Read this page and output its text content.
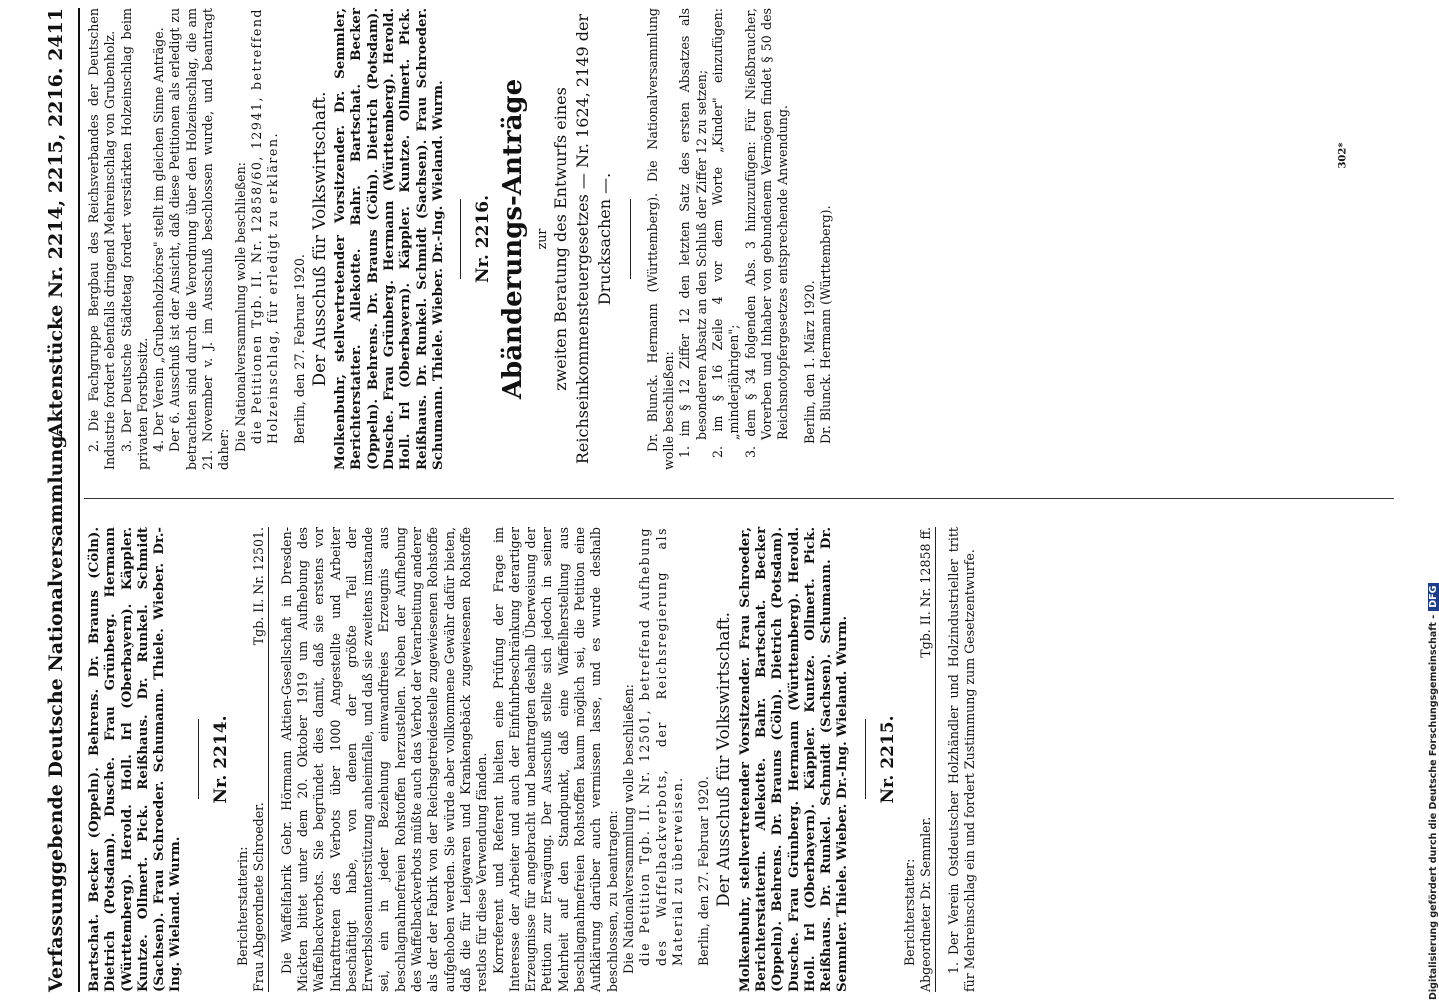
Verfassunggebende Deutsche Nationalversammlung.
Aktenstücke Nr. 2214, 2215, 2216. 2411

Bartschat. Becker (Oppeln). Behrens. Dr. Brauns (Cöln). Dietrich (Potsdam). Dusche. Frau Grünberg. Hermann (Württemberg). Herold. Holl. Irl (Oberbayern). Käppler. Kuntze. Ollmert. Pick. Reißhaus. Dr. Runkel. Schmidt (Sachsen). Frau Schroeder. Schumann. Thiele. Wieber. Dr.-Ing. Wieland. Wurm.

Nr. 2214.
Berichterstatterin: Frau Abgeordnete Schroeder.
Tgb. II. Nr. 12501. Die Waffelfabrik Gebr. Hörmann Aktien-Gesellschaft in Dresden-Mickten bittet unter dem 20. Oktober 1919 um Aufhebung des Waffelbackverbots. Sie begründet dies damit, daß sie erstens vor Inkrafttreten des Verbots über 1000 Angestellte und Arbeiter beschäftigt habe, von denen der größte Teil der Erwerbslosenunterstützung anheimfalle, und daß sie zweitens imstande sei, ein in jeder Beziehung einwandfreies Erzeugnis aus beschlagnahmefreien Rohstoffen herzustellen. Neben der Aufhebung des Waffelbackverbots müßte auch das Verbot der Verarbeitung anderer als der der Fabrik von der Reichsgetreidestelle zugewiesenen Rohstoffe aufgehoben werden. Sie würde aber vollkommene Gewähr dafür bieten, daß die für Leigwaren und Krankengebäck zugewiesenen Rohstoffe restlos für diese Verwendung fänden. Korreferent und Referent hielten eine Prüfung der Frage im Interesse der Arbeiter und auch der Einfuhrbeschränkung derartiger Erzeugnisse für angebracht und beantragten deshalb Überweisung der Petition zur Erwägung. Der Ausschuß stellte sich jedoch in seiner Mehrheit auf den Standpunkt, daß eine Waffelherstellung aus beschlagnahmefreien Rohstoffen kaum möglich sei, die Petition eine Aufklärung darüber auch vermissen lasse, und es wurde deshalb beschlossen, zu beantragen: Die Nationalversammlung wolle beschließen: die Petition Tgb. II. Nr. 12501, betreffend Aufhebung des Waffelbackverbots, der Reichsregierung als Material zu überweisen. Berlin, den 27. Februar 1920. Der Ausschuß für Volkswirtschaft. Molkenbuhr, stellvertretender Vorsitzender. Frau Schroeder, Berichterstatterin. Allekotte. Bahr. Bartschat. Becker (Oppeln). Behrens. Dr. Brauns (Cöln). Dietrich (Potsdam). Dusche. Frau Grünberg. Hermann (Württemberg). Herold. Holl. Irl (Oberbayern). Käppler. Kuntze. Ollmert. Pick. Reißhaus. Dr. Runkel. Schmidt (Sachsen). Schumann. Dr. Semmler. Thiele. Wieber. Dr.-Ing. Wieland. Wurm. Nr. 2215.
Berichterstatter: Abgeordneter Dr. Semmler.
Tgb. II. Nr. 12858 ff. 1. Der Verein Ostdeutscher Holzhändler und Holzindustrieller tritt für Mehreinschlag ein und fordert Zustimmung zum Gesetzentwurfe.

2. Die Fachgruppe Bergbau des Reichsverbandes der Deutschen Industrie fordert ebenfalls dringend Mehreinschlag von Grubenholz. 3. Der Deutsche Städtetag fordert verstärkten Holzeinschlag beim privaten Forstbesitz. 4. Der Verein „Grubenholzbörse" stellt im gleichen Sinne Anträge. Der 6. Ausschuß ist der Ansicht, daß diese Petitionen als erledigt zu betrachten sind durch die Verordnung über den Holzeinschlag, die am 21. November v. J. im Ausschuß beschlossen wurde, und beantragt daher: Die Nationalversammlung wolle beschließen: die Petitionen Tgb. II. Nr. 12858/60, 12941, betreffend Holzeinschlag, für erledigt zu erklären. Berlin, den 27. Februar 1920. Der Ausschuß für Volkswirtschaft. Molkenbuhr, stellvertretender Vorsitzender. Dr. Semmler, Berichterstatter. Allekotte. Bahr. Bartschat. Becker (Oppeln). Behrens. Dr. Brauns (Cöln). Dietrich (Potsdam). Dusche. Frau Grünberg. Hermann (Württemberg). Herold. Holl. Irl (Oberbayern). Käppler. Kuntze. Ollmert. Pick. Reißhaus. Dr. Runkel. Schmidt (Sachsen). Frau Schroeder. Schumann. Thiele. Wieber. Dr.-Ing. Wieland. Wurm. Nr. 2216. Abänderungs-Anträge zur zweiten Beratung des Entwurfs eines Reichseinkommensteuergesetzes — Nr. 1624, 2149 der Drucksachen —. Dr. Blunck. Hermann (Württemberg). Die Nationalversammlung wolle beschließen: 1. im § 12 Ziffer 12 den letzten Satz des ersten Absatzes als besonderen Absatz an den Schluß der Ziffer 12 zu setzen; 2. im § 16 Zeile 4 vor dem Worte „Kinder" einzufügen: „minderjährigen"; 3. dem § 34 folgenden Abs. 3 hinzuzufügen: Für Nießbraucher, Vorerben und Inhaber von gebundenem Vermögen findet § 50 des Reichsnotopfergesetzes entsprechende Anwendung. Berlin, den 1. März 1920. Dr. Blunck. Hermann (Württemberg).

302*
Digitalisierung gefördert durch die Deutsche Forschungsgemeinschaft -DFG
